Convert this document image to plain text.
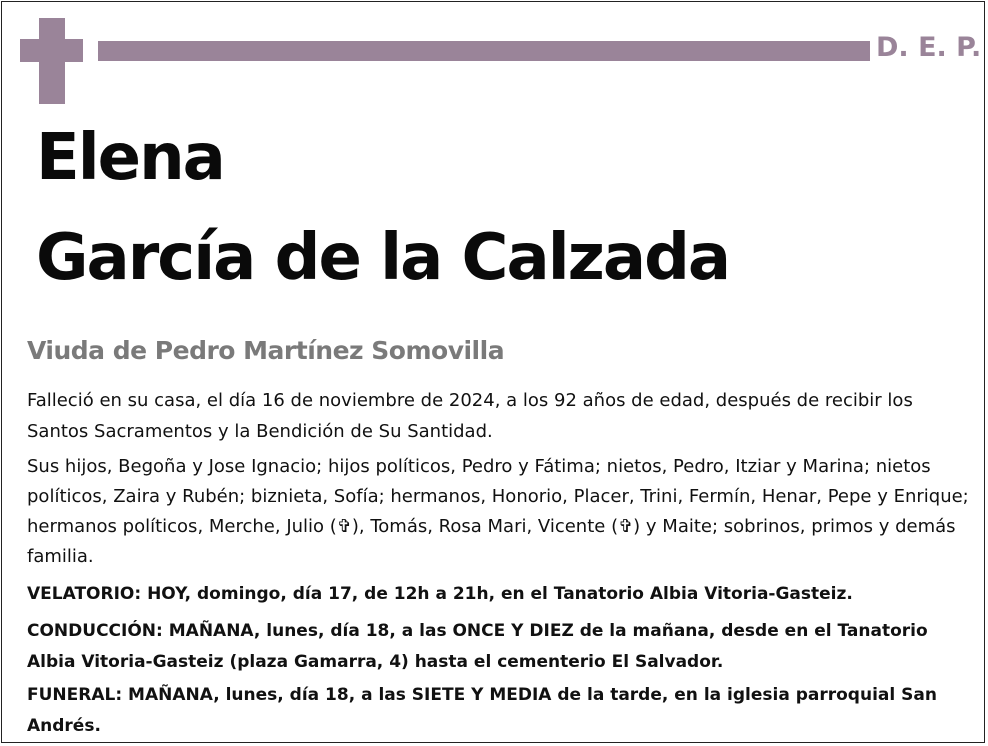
D. E. P.
Elena
García de la Calzada
Viuda de Pedro Martínez Somovilla

Falleció en su casa, el día 16 de noviembre de 2024, a los 92 años de edad, después de recibir los Santos Sacramentos y la Bendición de Su Santidad.

Sus hijos, Begoña y Jose Ignacio; hijos políticos, Pedro y Fátima; nietos, Pedro, Itziar y Marina; nietos políticos, Zaira y Rubén; biznieta, Sofía; hermanos, Honorio, Placer, Trini, Fermín, Henar, Pepe y Enrique; hermanos políticos, Merche, Julio (✞), Tomás, Rosa Mari, Vicente (✞) y Maite; sobrinos, primos y demás familia.

VELATORIO: HOY, domingo, día 17, de 12h a 21h, en el Tanatorio Albia Vitoria-Gasteiz.

CONDUCCIÓN: MAÑANA, lunes, día 18, a las ONCE Y DIEZ de la mañana, desde en el Tanatorio Albia Vitoria-Gasteiz (plaza Gamarra, 4) hasta el cementerio El Salvador.

FUNERAL: MAÑANA, lunes, día 18, a las SIETE Y MEDIA de la tarde, en la iglesia parroquial San Andrés.
